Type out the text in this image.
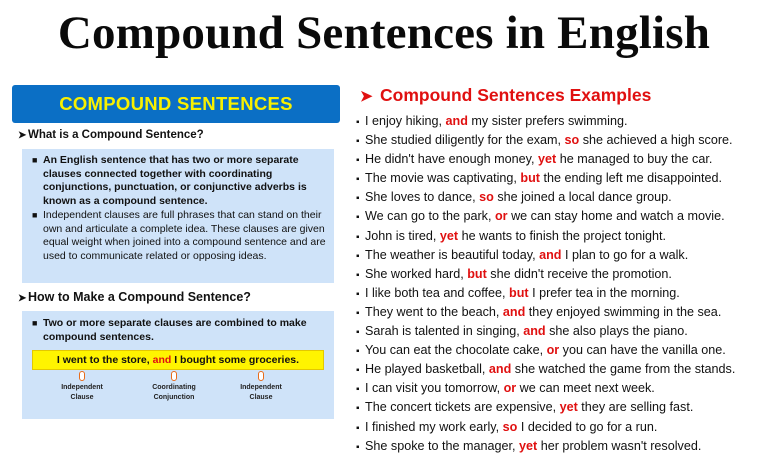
Compound Sentences in English
COMPOUND SENTENCES
➤ What is a Compound Sentence?
■ An English sentence that has two or more separate clauses connected together with coordinating conjunctions, punctuation, or conjunctive adverbs is known as a compound sentence.
■ Independent clauses are full phrases that can stand on their own and articulate a complete idea. These clauses are given equal weight when joined into a compound sentence and are used to communicate related or opposing ideas.
➤ How to Make a Compound Sentence?
■ Two or more separate clauses are combined to make compound sentences.
I went to the store, and I bought some groceries.
Independent
Clause
Coordinating
Conjunction
Independent
Clause
➤ Compound Sentences Examples
▪ I enjoy hiking, and my sister prefers swimming.
▪ She studied diligently for the exam, so she achieved a high score.
▪ He didn't have enough money, yet he managed to buy the car.
▪ The movie was captivating, but the ending left me disappointed.
▪ She loves to dance, so she joined a local dance group.
▪ We can go to the park, or we can stay home and watch a movie.
▪ John is tired, yet he wants to finish the project tonight.
▪ The weather is beautiful today, and I plan to go for a walk.
▪ She worked hard, but she didn't receive the promotion.
▪ I like both tea and coffee, but I prefer tea in the morning.
▪ They went to the beach, and they enjoyed swimming in the sea.
▪ Sarah is talented in singing, and she also plays the piano.
▪ You can eat the chocolate cake, or you can have the vanilla one.
▪ He played basketball, and she watched the game from the stands.
▪ I can visit you tomorrow, or we can meet next week.
▪ The concert tickets are expensive, yet they are selling fast.
▪ I finished my work early, so I decided to go for a run.
▪ She spoke to the manager, yet her problem wasn't resolved.
